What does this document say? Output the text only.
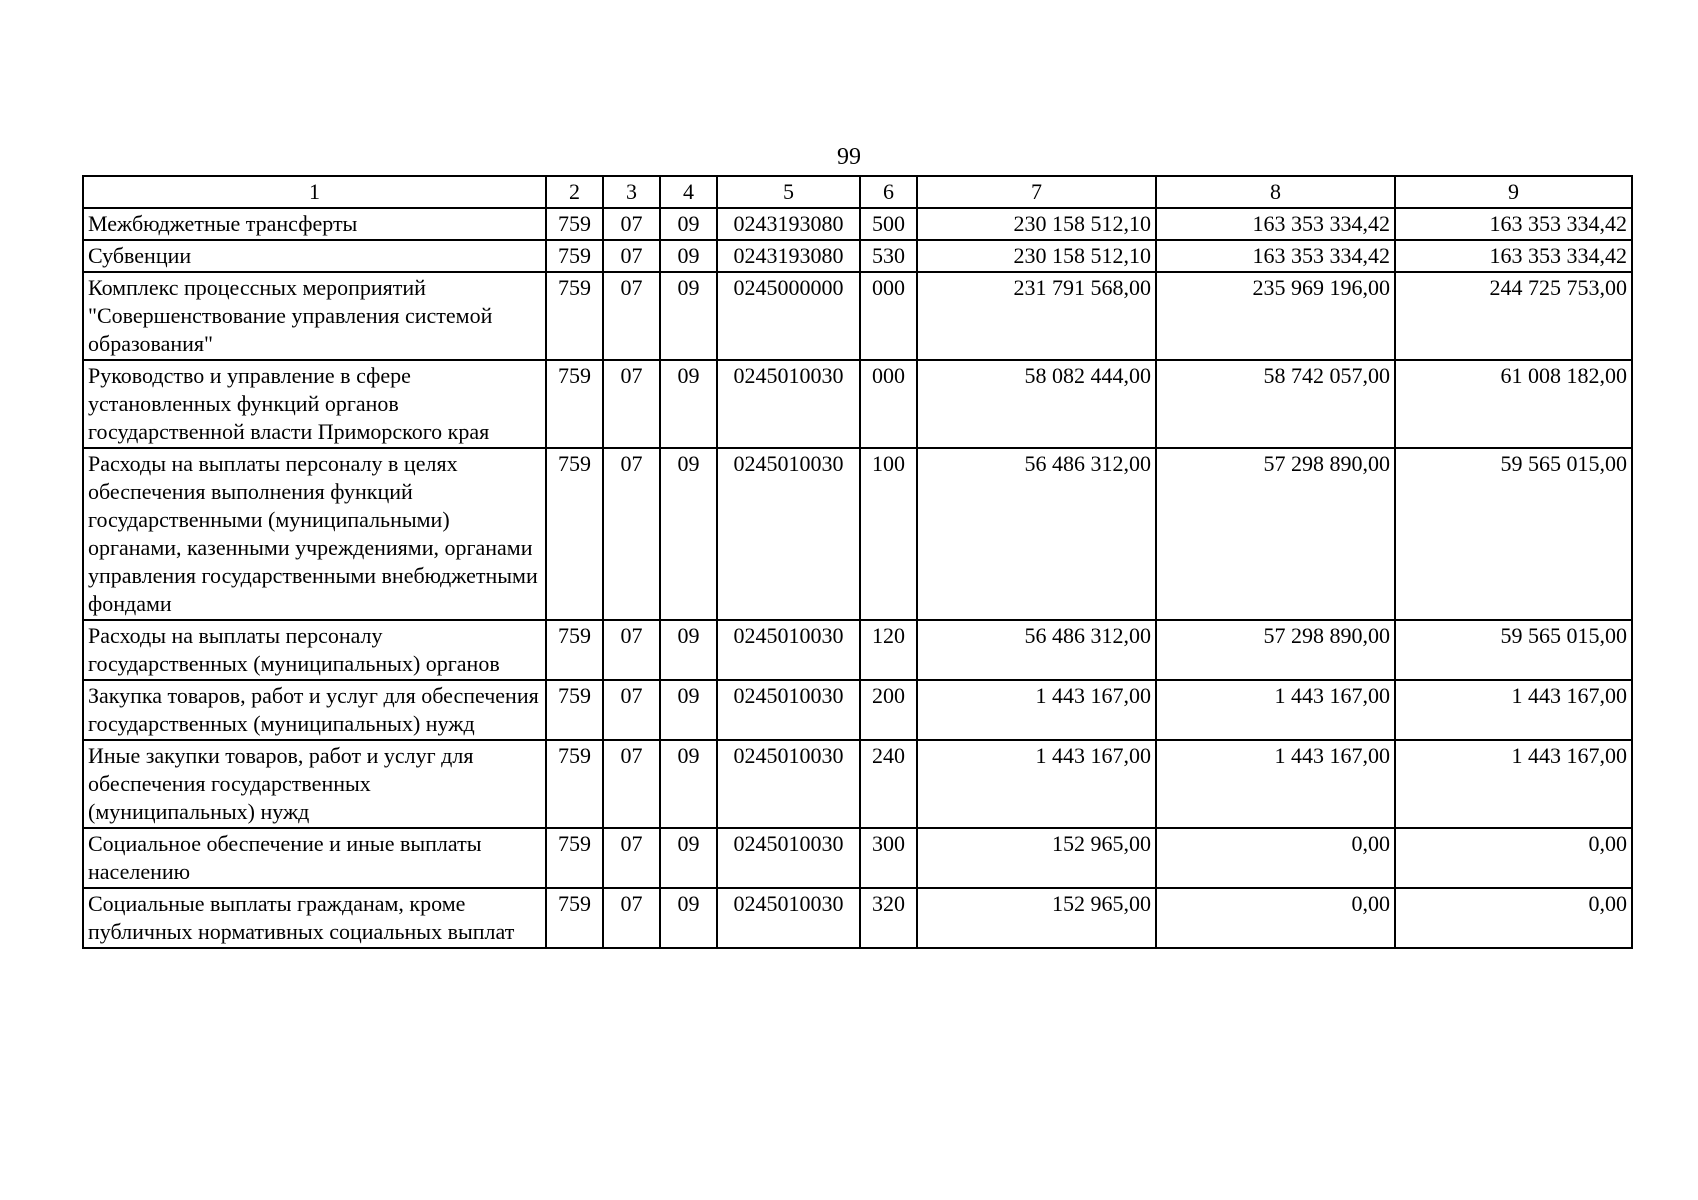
99
1	2	3	4	5	6	7	8	9
Межбюджетные трансферты	759	07	09	0243193080	500	230 158 512,10	163 353 334,42	163 353 334,42
Субвенции	759	07	09	0243193080	530	230 158 512,10	163 353 334,42	163 353 334,42
Комплекс процессных мероприятий "Совершенствование управления системой образования"	759	07	09	0245000000	000	231 791 568,00	235 969 196,00	244 725 753,00
Руководство и управление в сфере установленных функций органов государственной власти Приморского края	759	07	09	0245010030	000	58 082 444,00	58 742 057,00	61 008 182,00
Расходы на выплаты персоналу в целях обеспечения выполнения функций государственными (муниципальными) органами, казенными учреждениями, органами управления государственными внебюджетными фондами	759	07	09	0245010030	100	56 486 312,00	57 298 890,00	59 565 015,00
Расходы на выплаты персоналу государственных (муниципальных) органов	759	07	09	0245010030	120	56 486 312,00	57 298 890,00	59 565 015,00
Закупка товаров, работ и услуг для обеспечения государственных (муниципальных) нужд	759	07	09	0245010030	200	1 443 167,00	1 443 167,00	1 443 167,00
Иные закупки товаров, работ и услуг для обеспечения государственных (муниципальных) нужд	759	07	09	0245010030	240	1 443 167,00	1 443 167,00	1 443 167,00
Социальное обеспечение и иные выплаты населению	759	07	09	0245010030	300	152 965,00	0,00	0,00
Социальные выплаты гражданам, кроме публичных нормативных социальных выплат	759	07	09	0245010030	320	152 965,00	0,00	0,00
